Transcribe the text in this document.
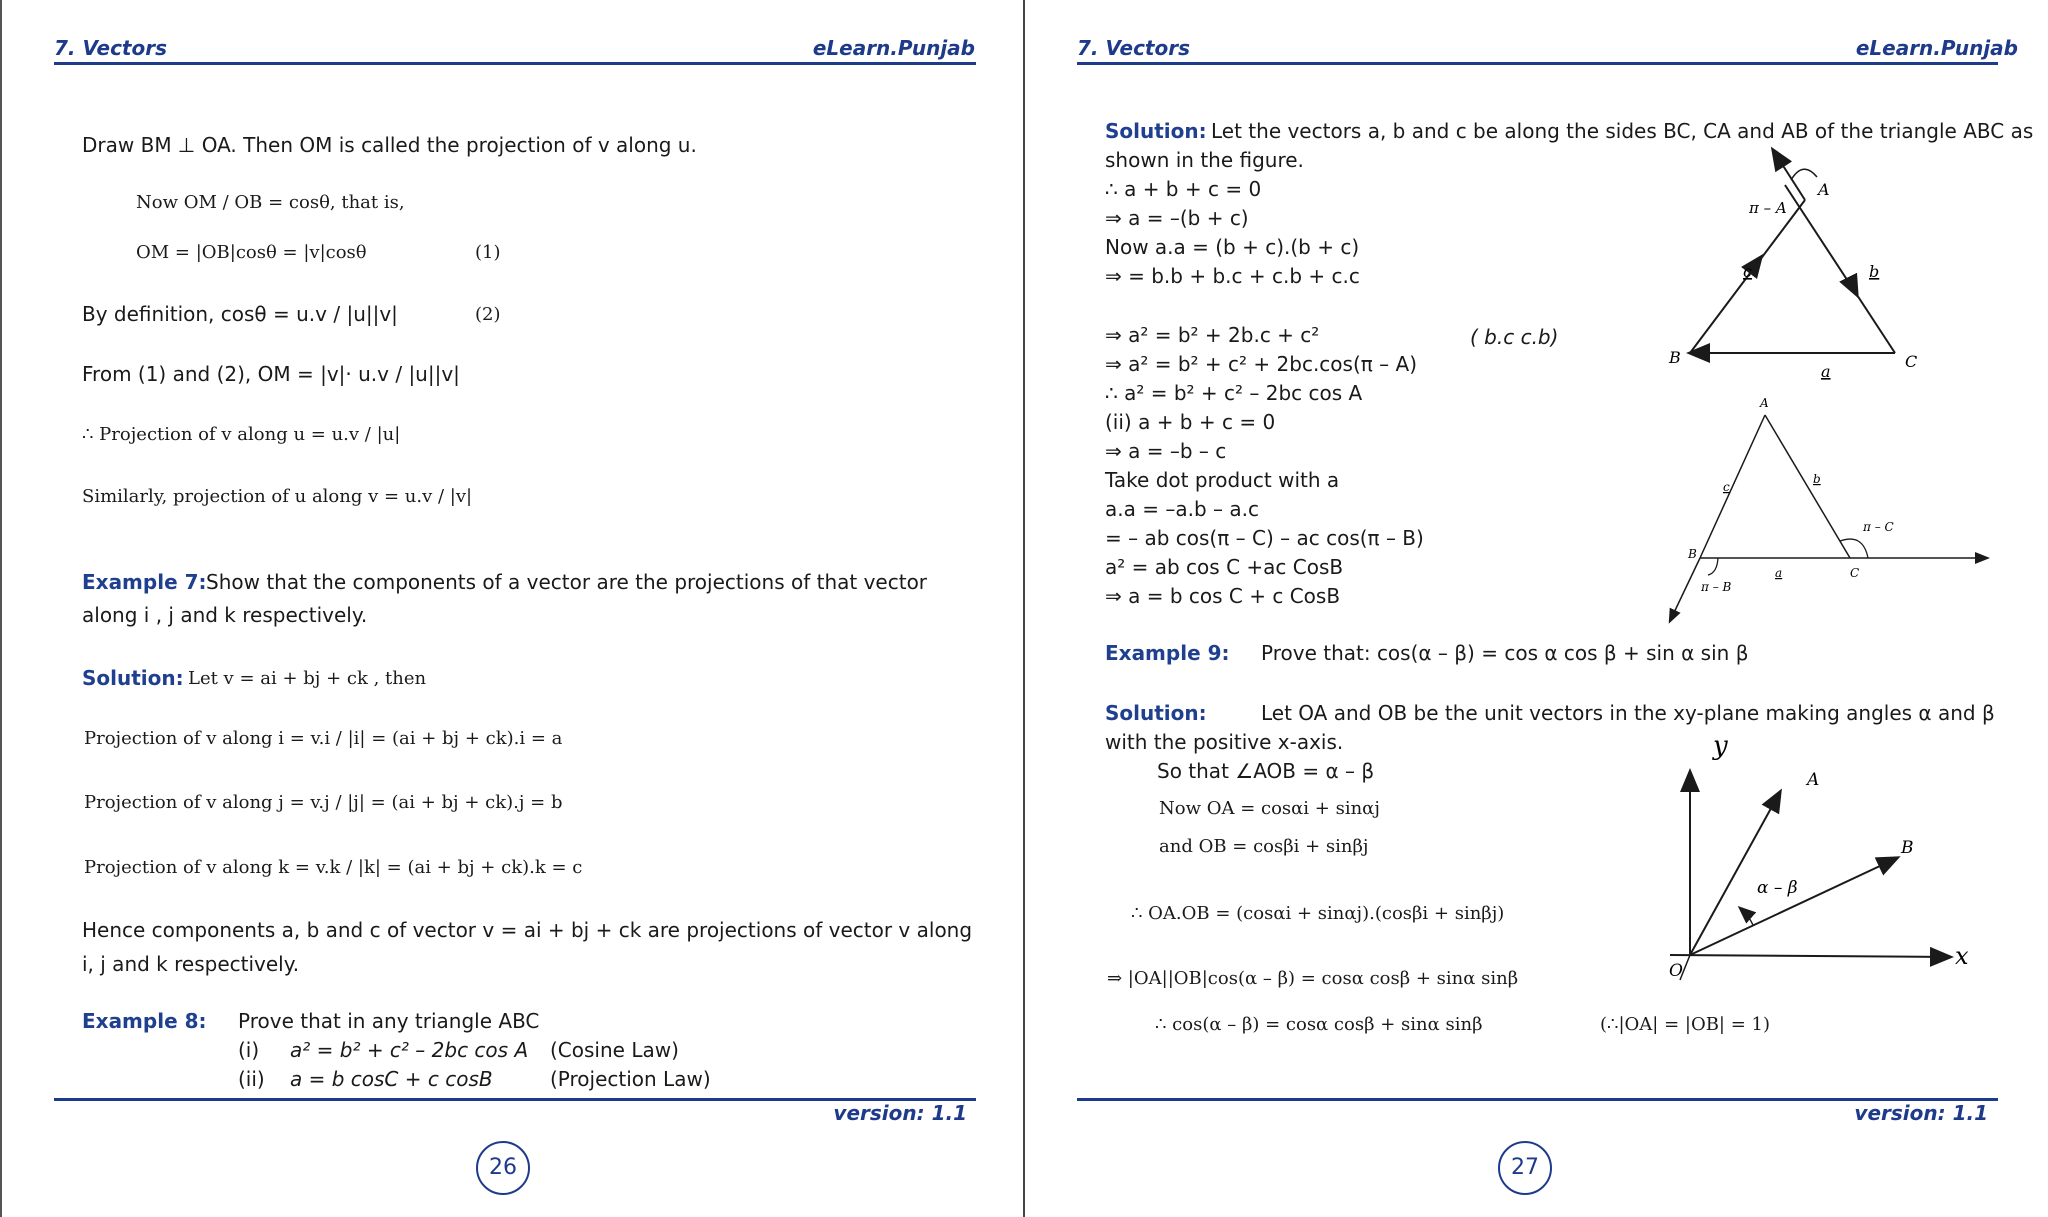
7. Vectors	eLearn.Punjab
Draw BM ⊥ OA. Then OM is called the projection of v along u.
Now OM / OB = cosθ, that is,
OM = |OB|cosθ = |v|cosθ	(1)
By definition, cosθ = u.v / |u||v|	(2)
From (1) and (2), OM = |v|· u.v / |u||v|
∴ Projection of v along u = u.v / |u|
Similarly, projection of u along v = u.v / |v|
Example 7: Show that the components of a vector are the projections of that vector
along i , j and k respectively.
Solution: Let v = ai + bj + ck , then
Projection of v along i = v.i / |i| = (ai + bj + ck).i = a
Projection of v along j = v.j / |j| = (ai + bj + ck).j = b
Projection of v along k = v.k / |k| = (ai + bj + ck).k = c
Hence components a, b and c of vector v = ai + bj + ck are projections of vector v along
i, j and k respectively.
Example 8: Prove that in any triangle ABC
(i) a² = b² + c² – 2bc cos A (Cosine Law)
(ii) a = b cosC + c cosB	(Projection Law)
version: 1.1
26
7. Vectors	eLearn.Punjab
Solution: Let the vectors a, b and c be along the sides BC, CA and AB of the triangle ABC as
shown in the figure.
∴ a + b + c = 0
⇒ a = –(b + c)
Now a.a = (b + c).(b + c)
⇒ = b.b + b.c + c.b + c.c
⇒ a² = b² + 2b.c + c²	( b.c c.b)
⇒ a² = b² + c² + 2bc.cos(π – A)
∴ a² = b² + c² – 2bc cos A
(ii) a + b + c = 0
⇒ a = –b – c
Take dot product with a
a.a = –a.b – a.c
= – ab cos(π – C) – ac cos(π – B)
a² = ab cos C +ac CosB
⇒ a = b cos C + c CosB
A
B	C
π – A
a
b
c
A
B
C
a
b
c
π – C
π – B
Example 9: Prove that: cos(α – β) = cos α cos β + sin α sin β
Solution:	Let OA and OB be the unit vectors in the xy-plane making angles α and β
with the positive x-axis.
So that ∠AOB = α – β
Now OA = cosαi + sinαj
and OB = cosβi + sinβj
∴ OA.OB = (cosαi + sinαj).(cosβi + sinβj)
⇒ |OA||OB|cos(α – β) = cosα cosβ + sinα sinβ
∴ cos(α – β) = cosα cosβ + sinα sinβ	(∴|OA| = |OB| = 1)
y
x
O
A
B
α – β
version: 1.1
27
